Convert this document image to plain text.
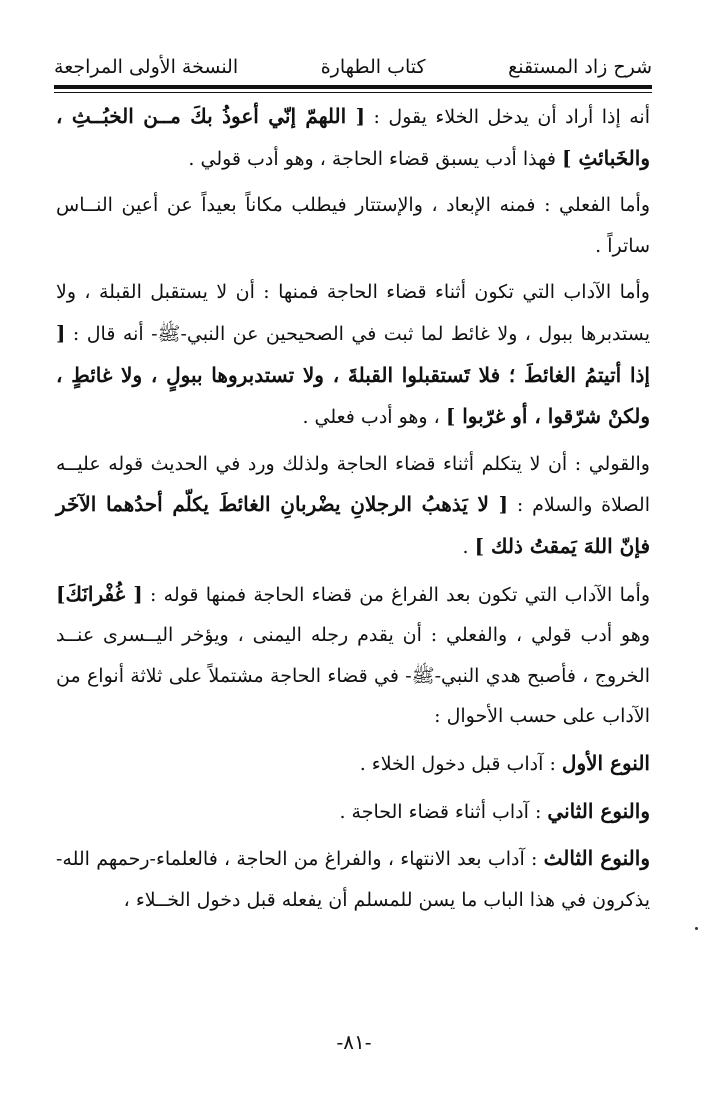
شرح زاد المستقنع
كتاب الطهارة
النسخة الأولى المراجعة

أنه إذا أراد أن يدخل الخلاء يقول : [ اللهمّ إنّي أعوذُ بكَ مــن الخبُــثِ ، والخَبائثِ ] فهذا أدب يسبق قضاء الحاجة ، وهو أدب قولي .

وأما الفعلي : فمنه الإبعاد ، والإستتار فيطلب مكاناً بعيداً عن أعين النــاس ساتراً .

وأما الآداب التي تكون أثناء قضاء الحاجة فمنها : أن لا يستقبل القبلة ، ولا يستدبرها ببول ، ولا غائط لما ثبت في الصحيحين عن النبي-ﷺ- أنه قال : [ إذا أتيتمُ الغائطَ ؛ فلا تَستقبلوا القبلةَ ، ولا تستدبروها ببولٍ ، ولا غائطٍ ، ولكنْ شرّقوا ، أو غرّبوا ] ، وهو أدب فعلي .

والقولي : أن لا يتكلم أثناء قضاء الحاجة ولذلك ورد في الحديث قوله عليــه الصلاة والسلام : [ لا يَذهبُ الرجلانِ يضْربانِ الغائطَ يكلّم أحدُهما الآخَر فإنّ اللهَ يَمقتُ ذلك ] .

وأما الآداب التي تكون بعد الفراغ من قضاء الحاجة فمنها قوله : [ غُفْرانَكَ] وهو أدب قولي ، والفعلي : أن يقدم رجله اليمنى ، ويؤخر اليــسرى عنــد الخروج ، فأصبح هدي النبي-ﷺ- في قضاء الحاجة مشتملاً على ثلاثة أنواع من الآداب على حسب الأحوال :

النوع الأول : آداب قبل دخول الخلاء .

والنوع الثاني : آداب أثناء قضاء الحاجة .

والنوع الثالث : آداب بعد الانتهاء ، والفراغ من الحاجة ، فالعلماء-رحمهم الله- يذكرون في هذا الباب ما يسن للمسلم أن يفعله قبل دخول الخــلاء ،

-٨١-
